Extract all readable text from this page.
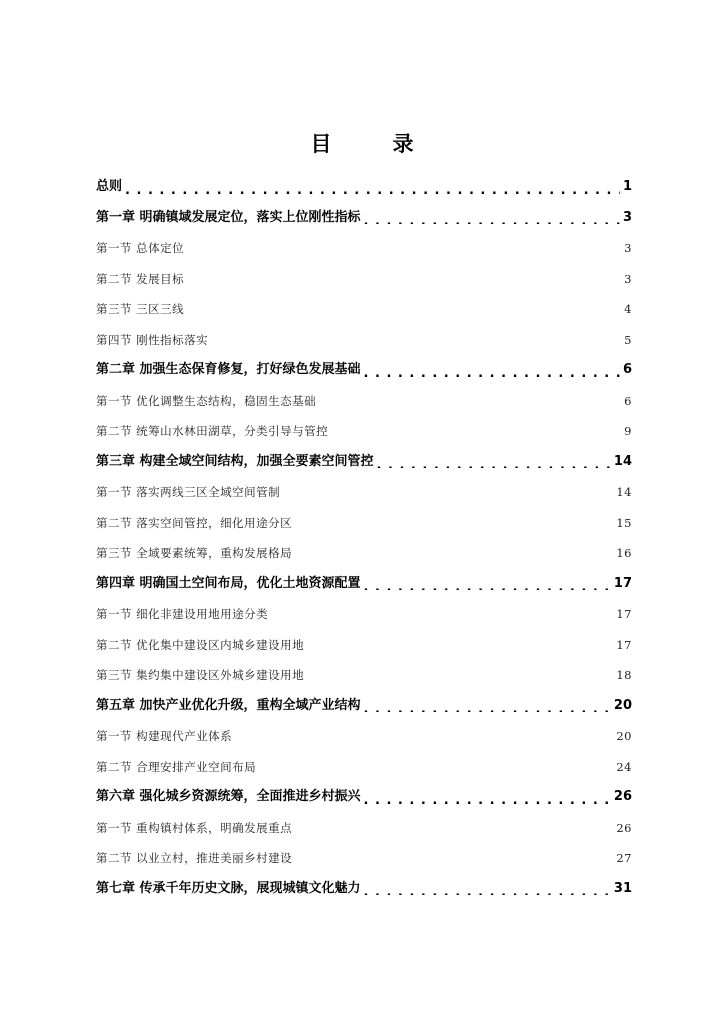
目　录
总则 . . .	1
第一章 明确镇域发展定位，落实上位刚性指标 . . .	3
第一节 总体定位 . . .	3
第二节 发展目标 . . .	3
第三节 三区三线 . . .	4
第四节 刚性指标落实 . . .	5
第二章 加强生态保育修复，打好绿色发展基础 . . .	6
第一节 优化调整生态结构，稳固生态基础 . . .	6
第二节 统筹山水林田湖草，分类引导与管控 . . .	9
第三章 构建全域空间结构，加强全要素空间管控 . . .	14
第一节 落实两线三区全域空间管制 . . .	14
第二节 落实空间管控，细化用途分区 . . .	15
第三节 全域要素统筹，重构发展格局 . . .	16
第四章 明确国土空间布局，优化土地资源配置 . . .	17
第一节 细化非建设用地用途分类 . . .	17
第二节 优化集中建设区内城乡建设用地 . . .	17
第三节 集约集中建设区外城乡建设用地 . . .	18
第五章 加快产业优化升级，重构全域产业结构 . . .	20
第一节 构建现代产业体系 . . .	20
第二节 合理安排产业空间布局 . . .	24
第六章 强化城乡资源统筹，全面推进乡村振兴 . . .	26
第一节 重构镇村体系，明确发展重点 . . .	26
第二节 以业立村，推进美丽乡村建设 . . .	27
第七章 传承千年历史文脉，展现城镇文化魅力 . . .	31
